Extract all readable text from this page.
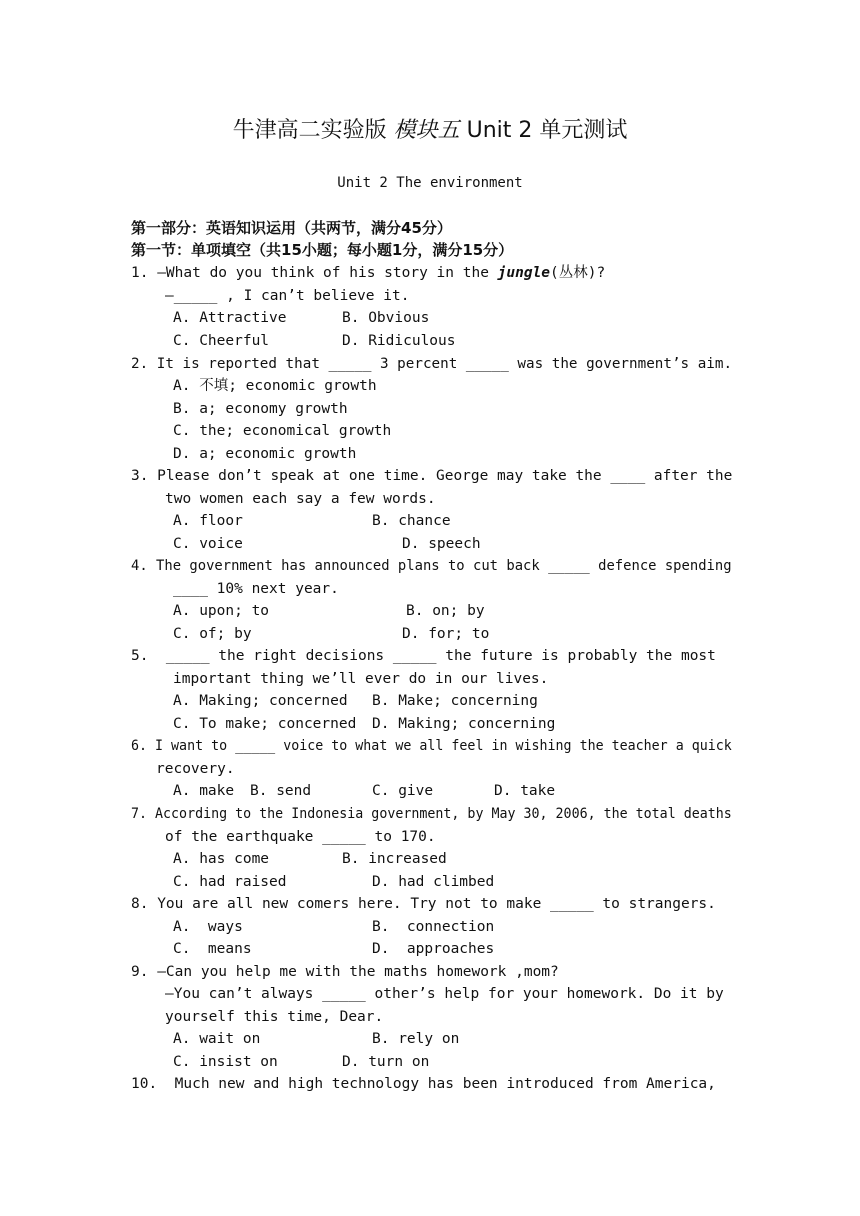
牛津高二实验版 模块五 Unit 2 单元测试
Unit 2 The environment
第一部分：英语知识运用（共两节，满分45分）
第一节：单项填空（共15小题；每小题1分，满分15分）
1. —What do you think of his story in the jungle(丛林)?
—_____ , I can’t believe it.
A. Attractive	B. Obvious
C. Cheerful	D. Ridiculous
2. It is reported that _____ 3 percent _____ was the government’s aim.
A. 不填; economic growth
B. a; economy growth
C. the; economical growth
D. a; economic growth
3. Please don’t speak at one time. George may take the ____ after the
two women each say a few words.
A. floor	B. chance
C. voice	D. speech
4. The government has announced plans to cut back _____ defence spending
____ 10% next year.
A. upon; to	B. on; by
C. of; by	D. for; to
5.  _____ the right decisions _____ the future is probably the most
important thing we’ll ever do in our lives.
A. Making; concerned B. Make; concerning
C. To make; concerned D. Making; concerning
6. I want to _____ voice to what we all feel in wishing the teacher a quick
recovery.
A. make B. send	C. give	D. take
7. According to the Indonesia government, by May 30, 2006, the total deaths
of the earthquake _____ to 170.
A. has come	B. increased
C. had raised	D. had climbed
8. You are all new comers here. Try not to make _____ to strangers.
A.  ways	B.  connection
C.  means	D.  approaches
9. —Can you help me with the maths homework ,mom?
—You can’t always _____ other’s help for your homework. Do it by
yourself this time, Dear.
A. wait on	B. rely on
C. insist on	D. turn on
10.  Much new and high technology has been introduced from America,
